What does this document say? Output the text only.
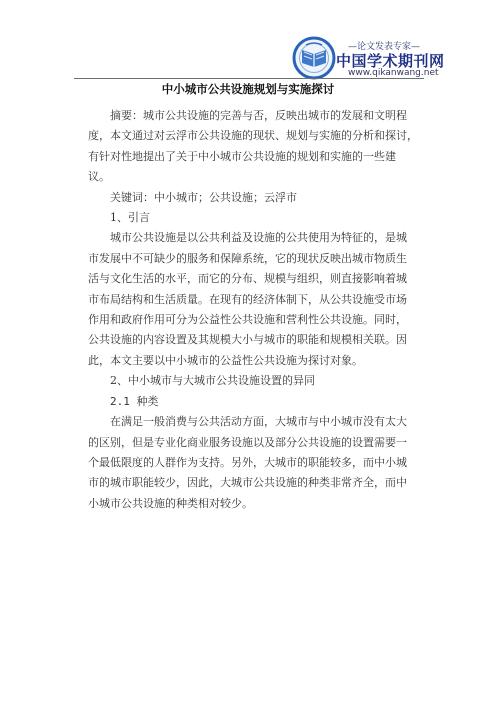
—论文发表专家—
中国学术期刊网
www.qikanwang.net
中小城市公共设施规划与实施探讨

摘要：城市公共设施的完善与否，反映出城市的发展和文明程

度，本文通过对云浮市公共设施的现状、规划与实施的分析和探讨，

有针对性地提出了关于中小城市公共设施的规划和实施的一些建

议。

关键词：中小城市；公共设施；云浮市

1、引言

城市公共设施是以公共利益及设施的公共使用为特征的，是城

市发展中不可缺少的服务和保障系统，它的现状反映出城市物质生

活与文化生活的水平，而它的分布、规模与组织，则直接影响着城

市布局结构和生活质量。在现有的经济体制下，从公共设施受市场

作用和政府作用可分为公益性公共设施和营利性公共设施。同时，

公共设施的内容设置及其规模大小与城市的职能和规模相关联。因

此，本文主要以中小城市的公益性公共设施为探讨对象。

2、中小城市与大城市公共设施设置的异同

2.1 种类

在满足一般消费与公共活动方面，大城市与中小城市没有太大

的区别，但是专业化商业服务设施以及部分公共设施的设置需要一

个最低限度的人群作为支持。另外，大城市的职能较多，而中小城

市的城市职能较少，因此，大城市公共设施的种类非常齐全，而中

小城市公共设施的种类相对较少。
